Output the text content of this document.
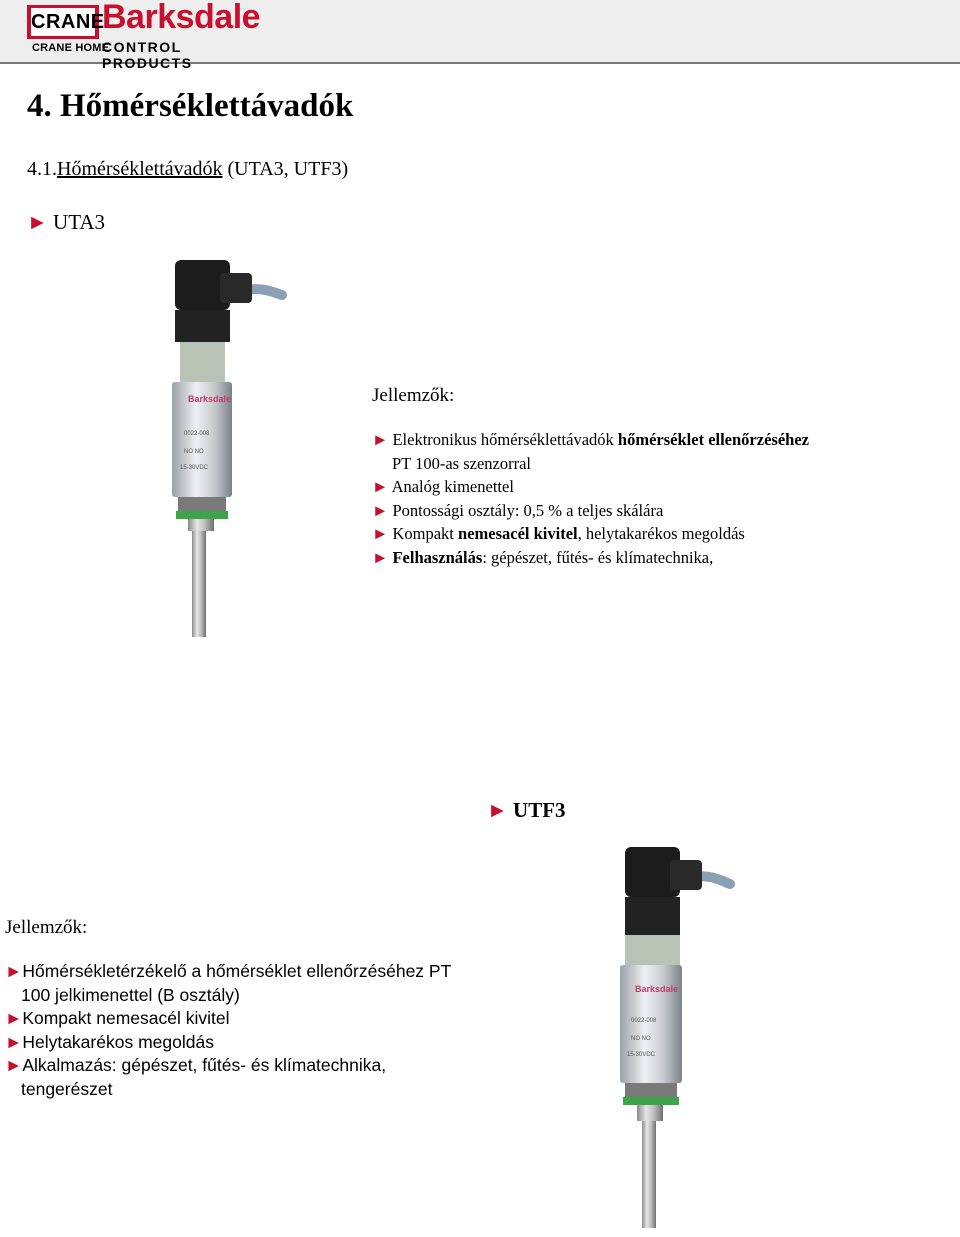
CRANE
Barksdale
CRANE HOME
CONTROL PRODUCTS
4. Hőmérséklettávadók
4.1.Hőmérséklettávadók (UTA3, UTF3)
► UTA3
Barksdale
0022-008
NO NO
15-30VDC
Jellemzők:
► Elektronikus hőmérséklettávadók hőmérséklet ellenőrzéséhez
PT 100-as szenzorral
► Analóg kimenettel
► Pontossági osztály: 0,5 % a teljes skálára
► Kompakt nemesacél kivitel, helytakarékos megoldás
► Felhasználás: gépészet, fűtés- és klímatechnika,
► UTF3
Jellemzők:
►Hőmérsékletérzékelő a hőmérséklet ellenőrzéséhez PT
100 jelkimenettel (B osztály)
►Kompakt nemesacél kivitel
►Helytakarékos megoldás
►Alkalmazás: gépészet, fűtés- és klímatechnika,
tengerészet
Barksdale
0022-008
NO NO
15-30VDC
